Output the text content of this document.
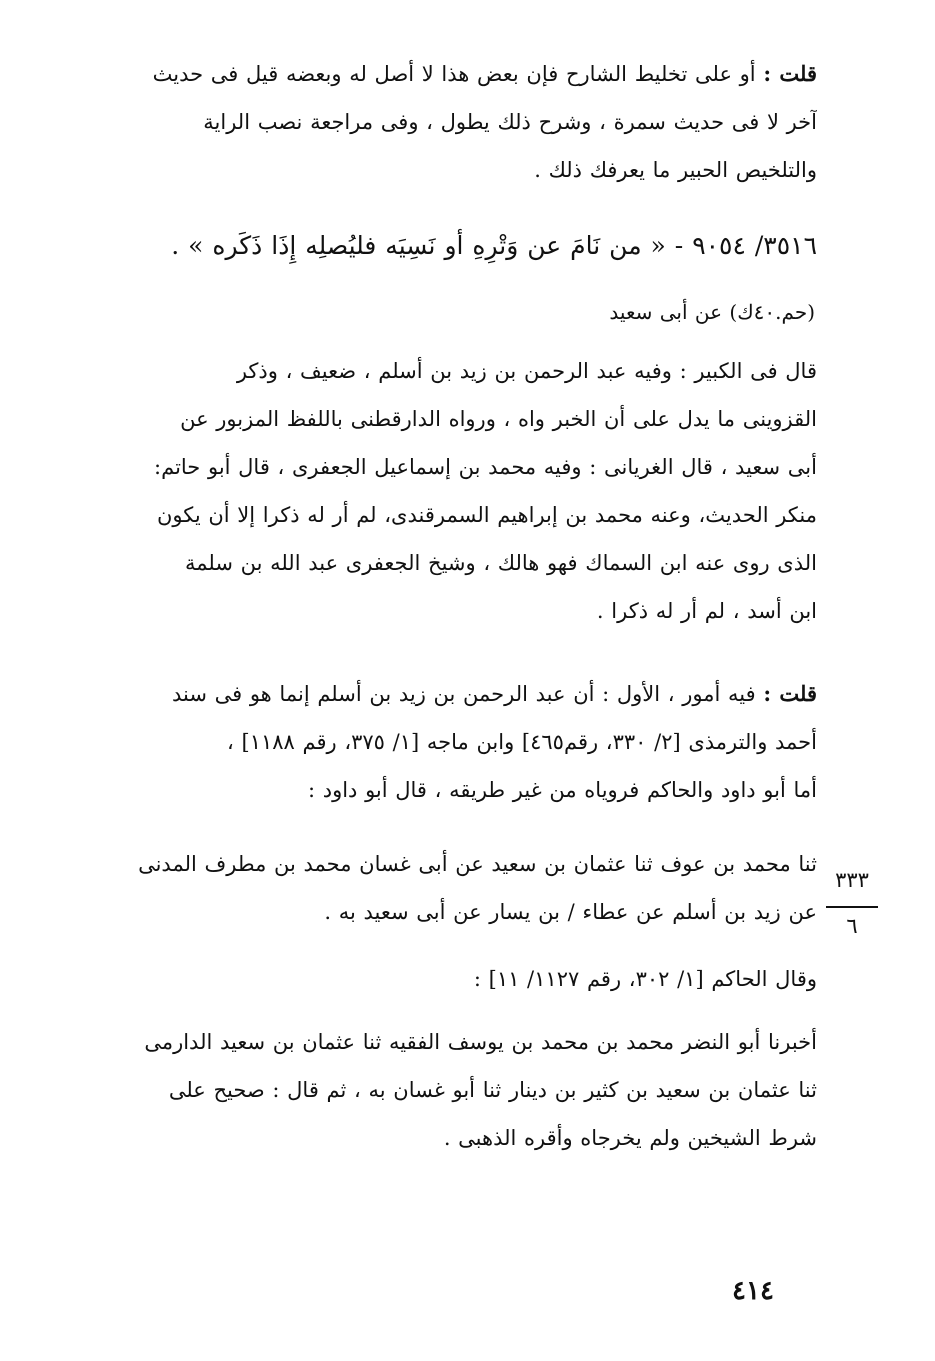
قلت : أو على تخليط الشارح فإن بعض هذا لا أصل له وبعضه قيل فى حديث
آخر لا فى حديث سمرة ، وشرح ذلك يطول ، وفى مراجعة نصب الراية
والتلخيص الحبير ما يعرفك ذلك .
٣٥١٦/ ٩٠٥٤ - « من نَامَ عن وَتْرِهِ أو نَسِيَه فليُصلِه إِذَا ذَكَره » .
(حم.٤٠ك) عن أبى سعيد
قال فى الكبير : وفيه عبد الرحمن بن زيد بن أسلم ، ضعيف ، وذكر
القزوينى ما يدل على أن الخبر واه ، ورواه الدارقطنى باللفظ المزبور عن
أبى سعيد ، قال الغريانى : وفيه محمد بن إسماعيل الجعفرى ، قال أبو حاتم:
منكر الحديث، وعنه محمد بن إبراهيم السمرقندى، لم أر له ذكرا إلا أن يكون
الذى روى عنه ابن السماك فهو هالك ، وشيخ الجعفرى عبد الله بن سلمة
ابن أسد ، لم أر له ذكرا .
قلت : فيه أمور ، الأول : أن عبد الرحمن بن زيد بن أسلم إنما هو فى سند
أحمد والترمذى [٢/ ٣٣٠، رقم٤٦٥] وابن ماجه [١/ ٣٧٥، رقم ١١٨٨] ،
أما أبو داود والحاكم فروياه من غير طريقه ، قال أبو داود :
ثنا محمد بن عوف ثنا عثمان بن سعيد عن أبى غسان محمد بن مطرف المدنى
عن زيد بن أسلم عن عطاء / بن يسار عن أبى سعيد به .
وقال الحاكم [١/ ٣٠٢، رقم ١١٢٧/ ١١] :
أخبرنا أبو النضر محمد بن محمد بن يوسف الفقيه ثنا عثمان بن سعيد الدارمى
ثنا عثمان بن سعيد بن كثير بن دينار ثنا أبو غسان به ، ثم قال : صحيح على
شرط الشيخين ولم يخرجاه وأقره الذهبى .
٣٣٣
٦
٤١٤
